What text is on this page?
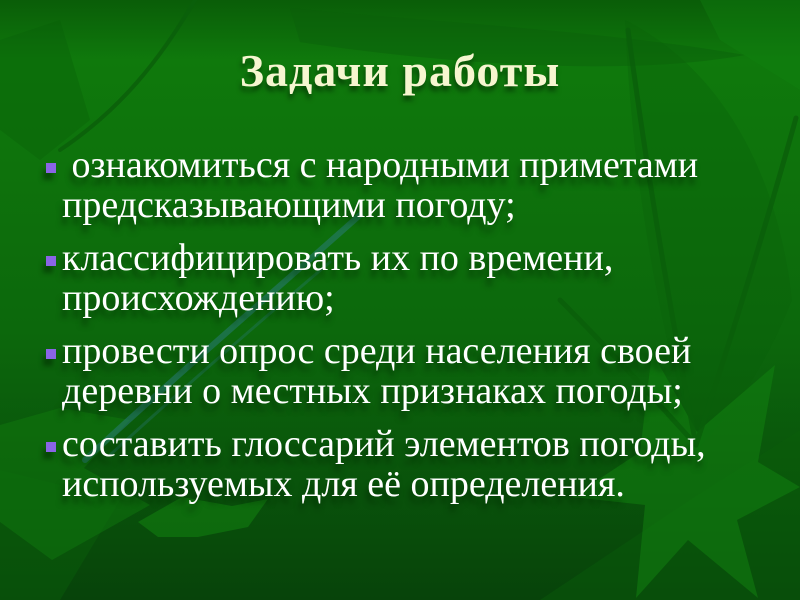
Задачи работы
ознакомиться с народными приметами
предсказывающими погоду;
классифицировать их по времени,
происхождению;
провести опрос среди населения своей
деревни о местных признаках погоды;
составить глоссарий элементов погоды,
используемых для её определения.
